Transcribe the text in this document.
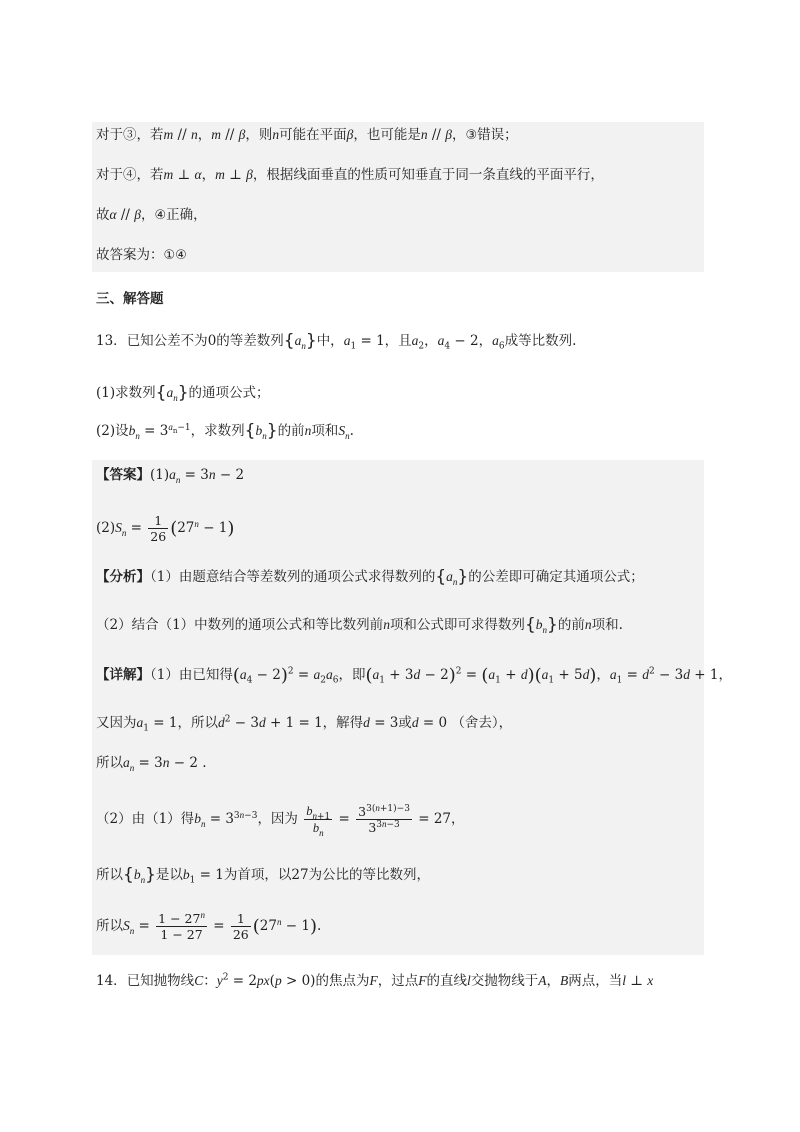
对于③，若m // n，m // β，则n可能在平面β，也可能是n // β，③错误；
对于④，若m ⊥ α，m ⊥ β，根据线面垂直的性质可知垂直于同一条直线的平面平行，
故α // β，④正确，
故答案为：①④
三、解答题
13．已知公差不为0的等差数列$\{a_n\}$中，$a_1 = 1$，且$a_2$，$a_4 - 2$，$a_6$成等比数列.
(1)求数列$\{a_n\}$的通项公式；
(2)设$b_n = 3^{a_n-1}$，求数列$\{b_n\}$的前n项和$S_n$.
【答案】$(1)a_n = 3n - 2$
$(2)S_n = \frac{1}{26} (27^n - 1)$
【分析】（1）由题意结合等差数列的通项公式求得数列的$\{a_n\}$的公差即可确定其通项公式；
（2）结合（1）中数列的通项公式和等比数列前n项和公式即可求得数列$\{b_n\}$的前n项和.
【详解】（1）由已知得$(a_4 - 2)^2 = a_2a_6$，即$(a_1 + 3d - 2)^2 = (a_1 + d)(a_1 + 5d)$，$a_1 = d^2 - 3d + 1$，
又因为$a_1 = 1$，所以$d^2 - 3d + 1 = 1$，解得d = 3或d = 0 （舍去），
所以$a_n = 3n - 2$ .
（2）由（1）得$b_n = 3^{3n-3}$，因为 $\frac{b_{n+1}}{b_n} = \frac{3^{3(n+1)-3}}{3^{3n-3}} = 27$，
所以$\{b_n\}$是以$b_1 = 1$为首项，以27为公比的等比数列，
所以$S_n = \frac{1 - 27^n}{1 - 27} = \frac{1}{26} (27^n - 1)$.
14．已知抛物线C：$y^2 = 2px(p > 0)$的焦点为F，过点F的直线l交抛物线于A，B两点，当l ⊥ x
